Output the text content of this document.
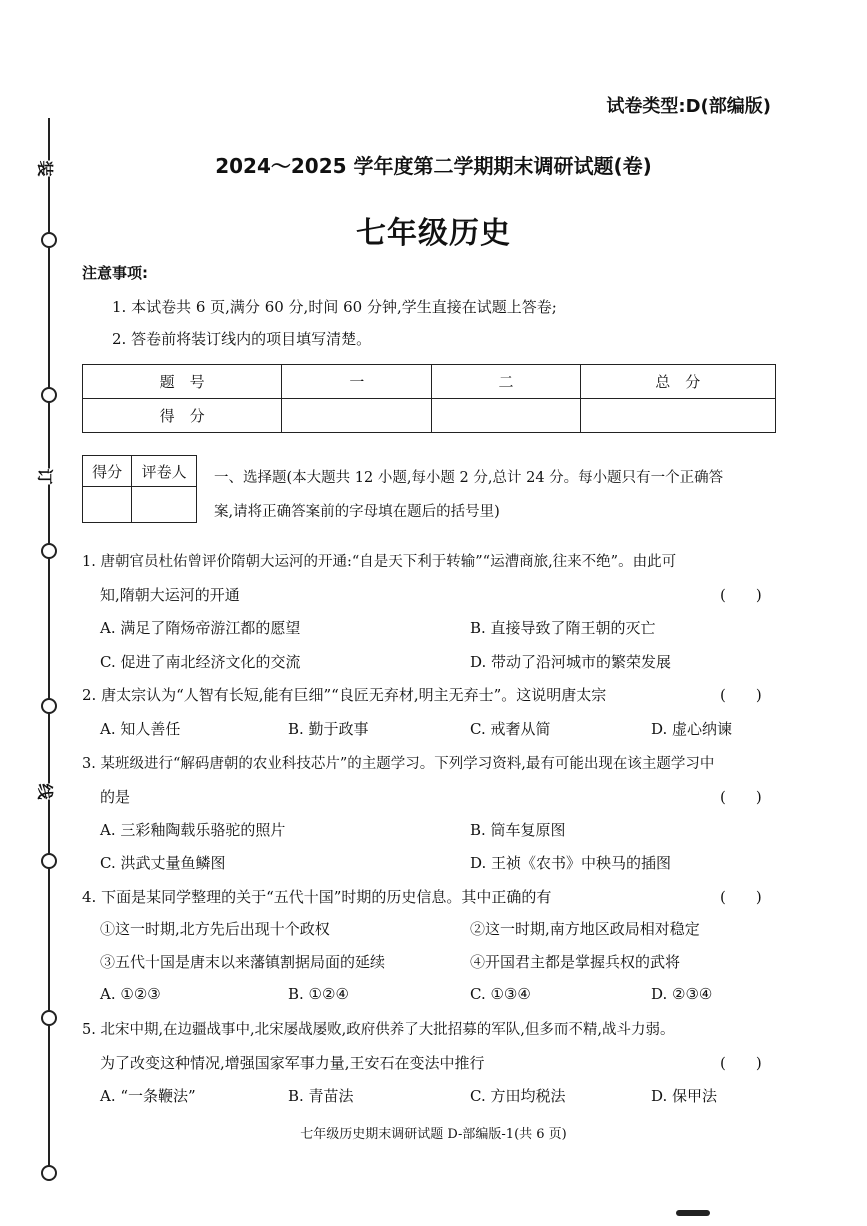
装
订
线
试卷类型:D(部编版)
2024～2025 学年度第二学期期末调研试题(卷)
七年级历史
注意事项:
1. 本试卷共 6 页,满分 60 分,时间 60 分钟,学生直接在试题上答卷;
2. 答卷前将装订线内的项目填写清楚。
题　号	一	二	总　分
得　分			
得分	评卷人
	一、选择题(本大题共 12 小题,每小题 2 分,总计 24 分。每小题只有一个正确答
案,请将正确答案前的字母填在题后的括号里)
1. 唐朝官员杜佑曾评价隋朝大运河的开通:“自是天下利于转输”“运漕商旅,往来不绝”。由此可
知,隋朝大运河的开通	(　　)
A. 满足了隋炀帝游江都的愿望	B. 直接导致了隋王朝的灭亡
C. 促进了南北经济文化的交流	D. 带动了沿河城市的繁荣发展
2. 唐太宗认为“人智有长短,能有巨细”“良匠无弃材,明主无弃士”。这说明唐太宗	(　　)
A. 知人善任	B. 勤于政事	C. 戒奢从简	D. 虚心纳谏
3. 某班级进行“解码唐朝的农业科技芯片”的主题学习。下列学习资料,最有可能出现在该主题学习中
的是	(　　)
A. 三彩釉陶载乐骆驼的照片	B. 筒车复原图
C. 洪武丈量鱼鳞图	D. 王祯《农书》中秧马的插图
4. 下面是某同学整理的关于“五代十国”时期的历史信息。其中正确的有	(　　)
①这一时期,北方先后出现十个政权	②这一时期,南方地区政局相对稳定
③五代十国是唐末以来藩镇割据局面的延续	④开国君主都是掌握兵权的武将
A. ①②③	B. ①②④	C. ①③④	D. ②③④
5. 北宋中期,在边疆战事中,北宋屡战屡败,政府供养了大批招募的军队,但多而不精,战斗力弱。
为了改变这种情况,增强国家军事力量,王安石在变法中推行	(　　)
A. “一条鞭法”	B. 青苗法	C. 方田均税法	D. 保甲法
七年级历史期末调研试题 D-部编版-1(共 6 页)
